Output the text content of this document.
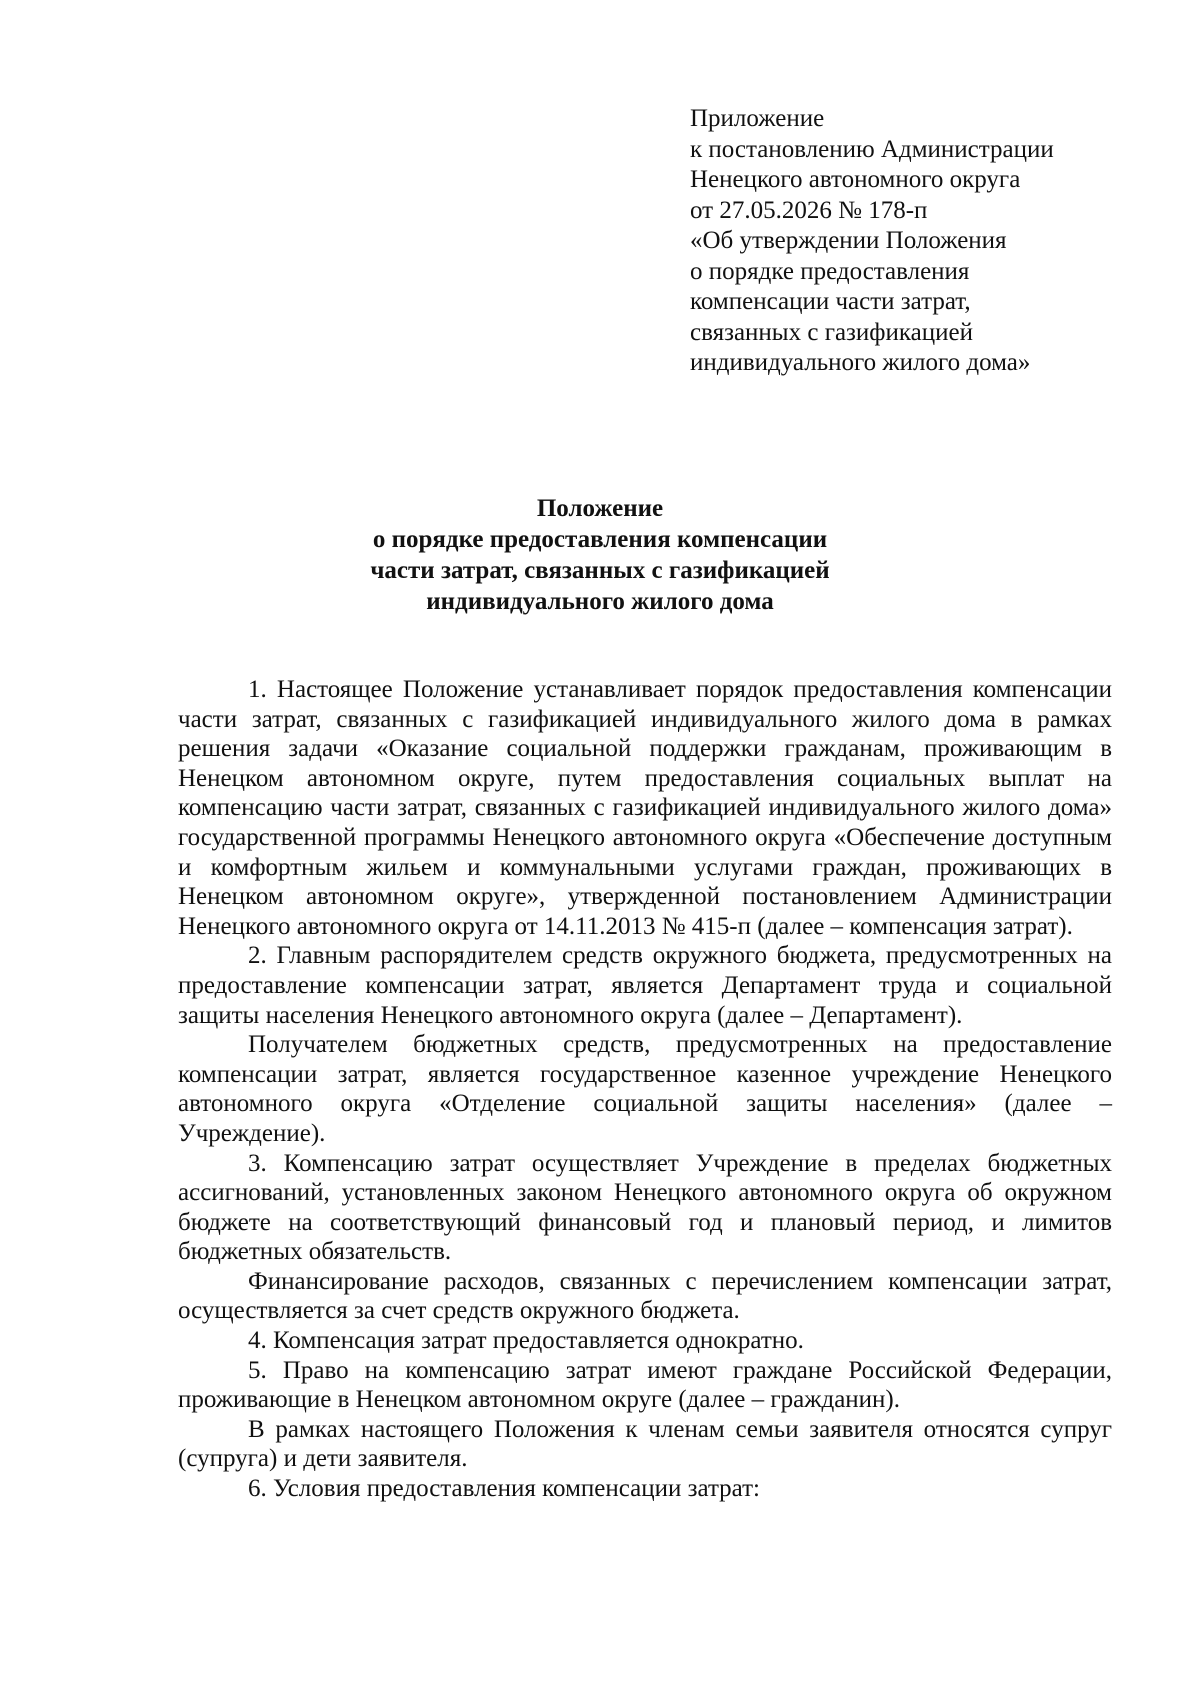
Приложение
к постановлению Администрации
Ненецкого автономного округа
от 27.05.2026 № 178-п
«Об утверждении Положения
о порядке предоставления
компенсации части затрат,
связанных с газификацией
индивидуального жилого дома»
Положение
о порядке предоставления компенсации
части затрат, связанных с газификацией
индивидуального жилого дома

1. Настоящее Положение устанавливает порядок предоставления компенсации части затрат, связанных с газификацией индивидуального жилого дома в рамках решения задачи «Оказание социальной поддержки гражданам, проживающим в Ненецком автономном округе, путем предоставления социальных выплат на компенсацию части затрат, связанных с газификацией индивидуального жилого дома» государственной программы Ненецкого автономного округа «Обеспечение доступным и комфортным жильем и коммунальными услугами граждан, проживающих в Ненецком автономном округе», утвержденной постановлением Администрации Ненецкого автономного округа от 14.11.2013 № 415-п (далее – компенсация затрат).

2. Главным распорядителем средств окружного бюджета, предусмотренных на предоставление компенсации затрат, является Департамент труда и социальной защиты населения Ненецкого автономного округа (далее – Департамент).

Получателем бюджетных средств, предусмотренных на предоставление компенсации затрат, является государственное казенное учреждение Ненецкого автономного округа «Отделение социальной защиты населения» (далее – Учреждение).

3. Компенсацию затрат осуществляет Учреждение в пределах бюджетных ассигнований, установленных законом Ненецкого автономного округа об окружном бюджете на соответствующий финансовый год и плановый период, и лимитов бюджетных обязательств.

Финансирование расходов, связанных с перечислением компенсации затрат, осуществляется за счет средств окружного бюджета.

4. Компенсация затрат предоставляется однократно.

5. Право на компенсацию затрат имеют граждане Российской Федерации, проживающие в Ненецком автономном округе (далее – гражданин).

В рамках настоящего Положения к членам семьи заявителя относятся супруг (супруга) и дети заявителя.

6. Условия предоставления компенсации затрат:
